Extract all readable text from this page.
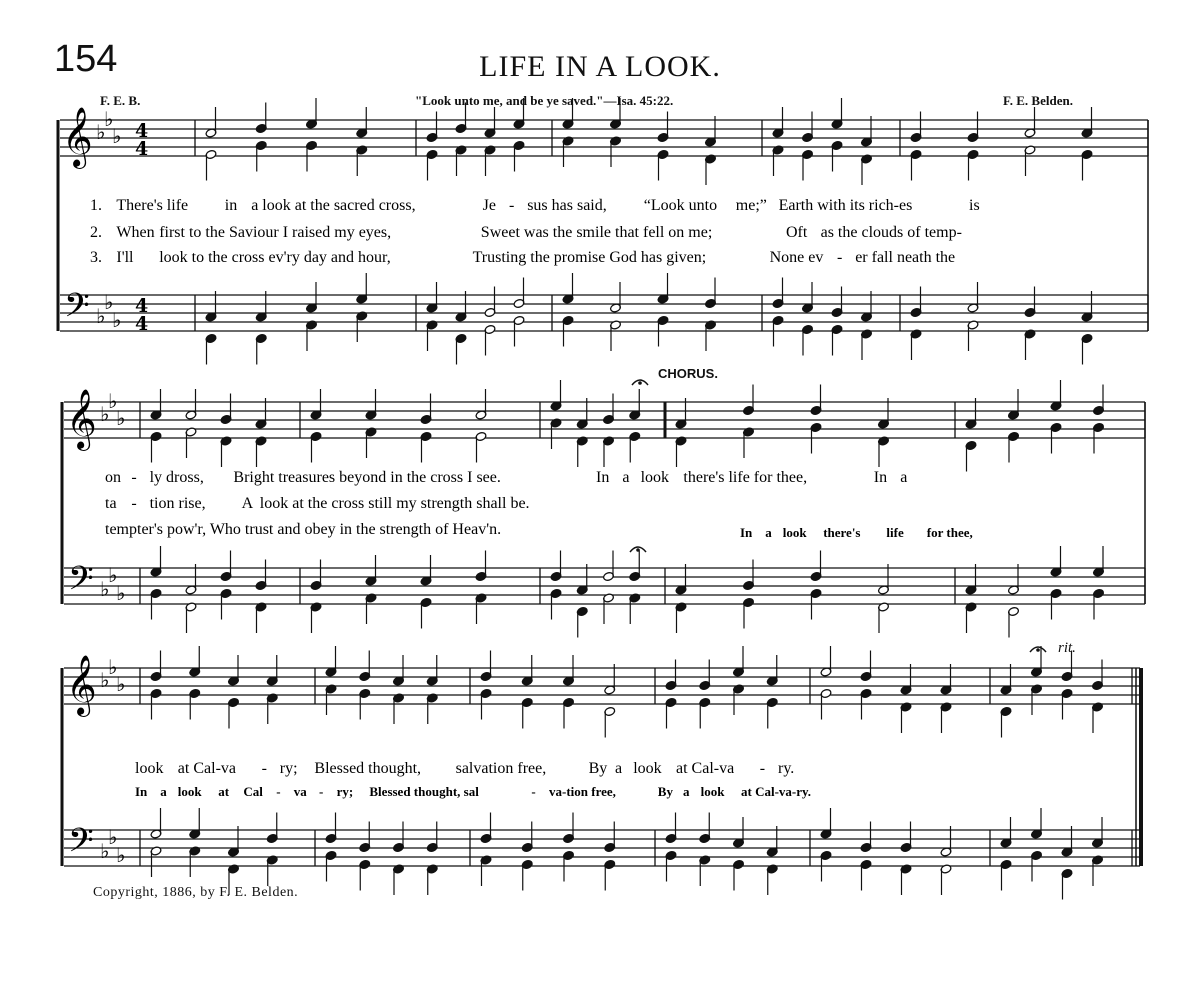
154	LIFE IN A LOOK.
F. E. B.	"Look unto me, and be ye saved."—Isa. 45:22.	F. E. Belden.
CHORUS.
rit.
Copyright, 1886, by F. E. Belden.
𝄞
𝄢
♭
♭
♭
♭
♭
♭
4
4
4
4
1. There's life in a look at the sacred cross,	Je - sus has said, “Look unto me;” Earth with its rich-es	is
2. When first to the Saviour I raised my eyes,	Sweet was the smile that fell on me;	Oft as the clouds of temp-
3. I'll look to the cross ev'ry day and hour,	Trusting the promise God has given;	None ev - er fall neath the
𝄞
𝄢
♭
♭
♭
♭
♭
♭
on - ly dross, Bright treasures beyond in the cross I see.	In a look there's life for thee,	In a
ta - tion rise, A look at the cross still my strength shall be.
tempter's pow'r, Who trust and obey in the strength of Heav'n.	In a look there's life for thee,
𝄞
𝄢
♭
♭
♭
♭
♭
♭
look at Cal-va - ry; Blessed thought, salvation free,	By a look at Cal-va - ry.
In a look at Cal - va - ry; Blessed thought, sal	- va-tion free,	By a look at Cal-va-ry.
